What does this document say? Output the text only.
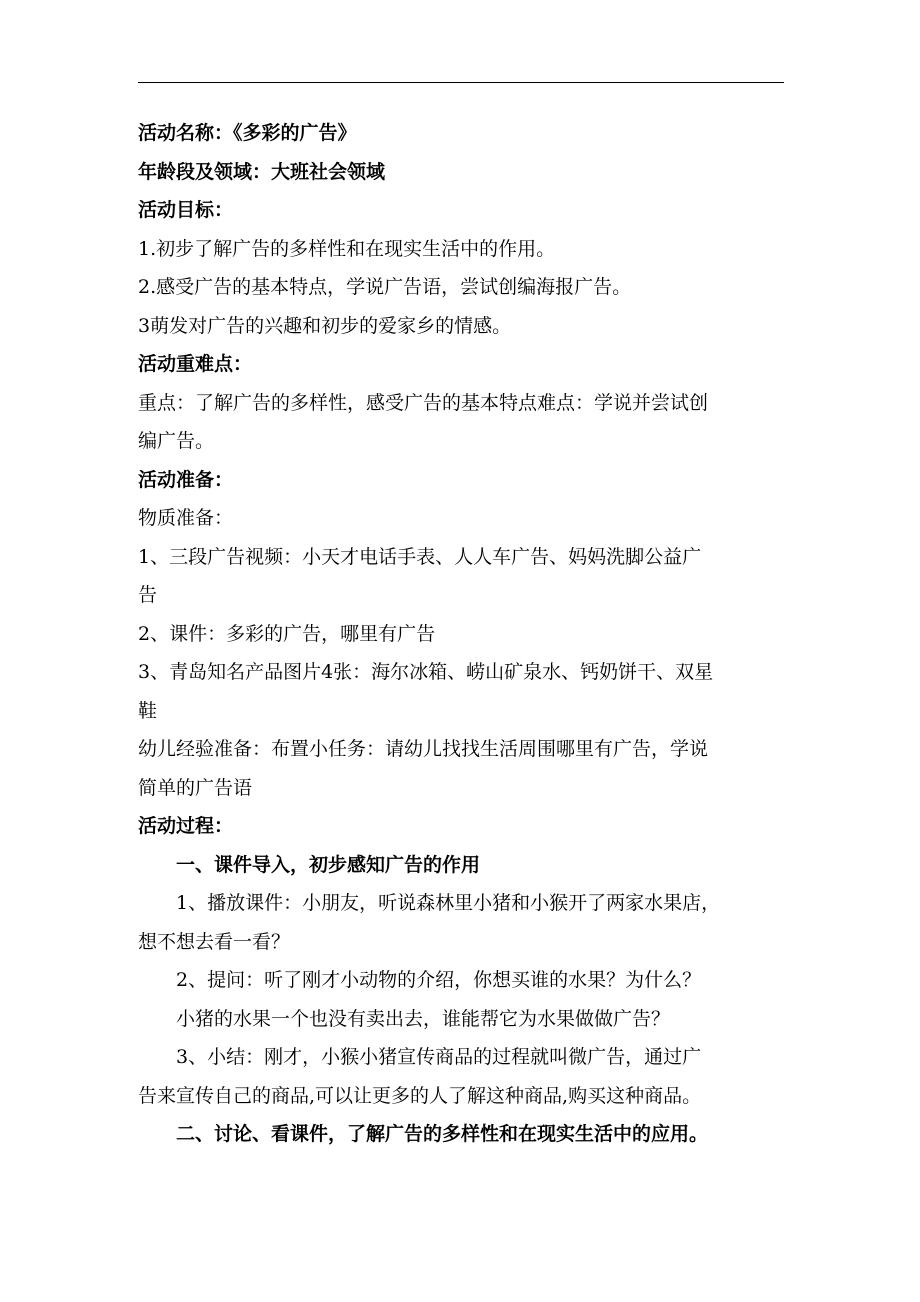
活动名称：《多彩的广告》

年龄段及领域：大班社会领域

活动目标：

1.初步了解广告的多样性和在现实生活中的作用。

2.感受广告的基本特点，学说广告语，尝试创编海报广告。

3萌发对广告的兴趣和初步的爱家乡的情感。

活动重难点：

重点：了解广告的多样性，感受广告的基本特点难点：学说并尝试创

编广告。

活动准备：

物质准备：

1、三段广告视频：小天才电话手表、人人车广告、妈妈洗脚公益广

告

2、课件：多彩的广告，哪里有广告

3、青岛知名产品图片4张：海尔冰箱、崂山矿泉水、钙奶饼干、双星

鞋

幼儿经验准备：布置小任务：请幼儿找找生活周围哪里有广告，学说

简单的广告语

活动过程：

一、课件导入，初步感知广告的作用

1、播放课件：小朋友，听说森林里小猪和小猴开了两家水果店，

想不想去看一看？

2、提问：听了刚才小动物的介绍，你想买谁的水果？为什么？

小猪的水果一个也没有卖出去，谁能帮它为水果做做广告？

3、小结：刚才，小猴小猪宣传商品的过程就叫微广告，通过广

告来宣传自己的商品,可以让更多的人了解这种商品,购买这种商品。

二、讨论、看课件，了解广告的多样性和在现实生活中的应用。
